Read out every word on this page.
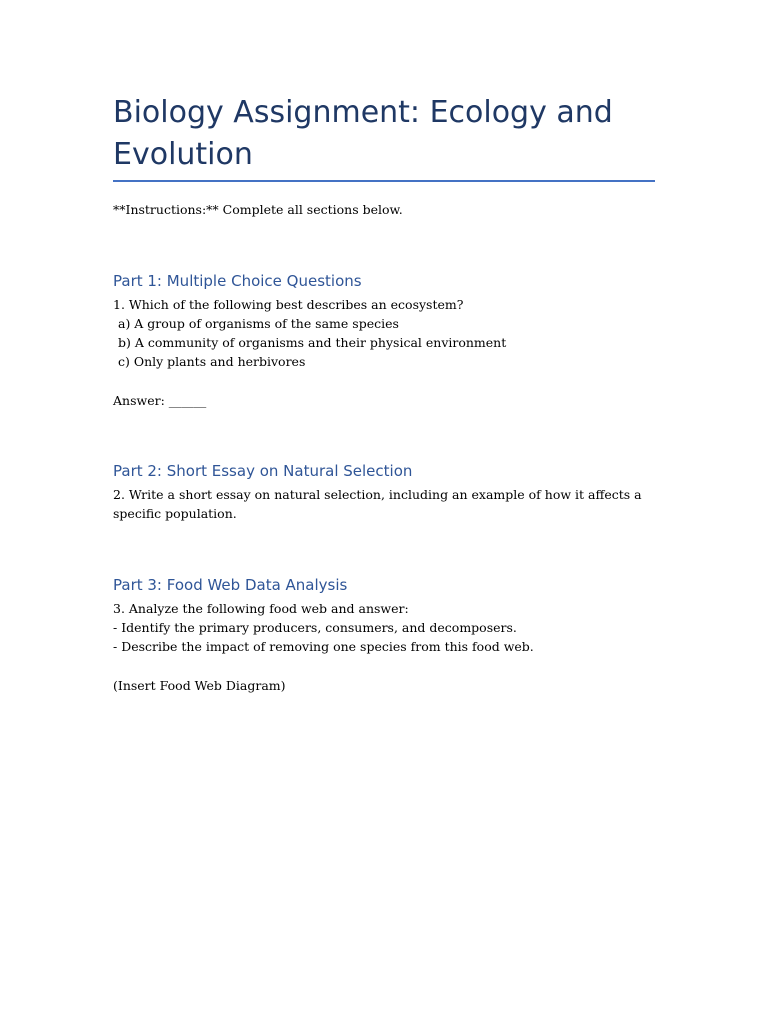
Biology Assignment: Ecology and Evolution

**Instructions:** Complete all sections below.

Part 1: Multiple Choice Questions

1. Which of the following best describes an ecosystem?

a) A group of organisms of the same species

b) A community of organisms and their physical environment

c) Only plants and herbivores

Answer: ______

Part 2: Short Essay on Natural Selection

2. Write a short essay on natural selection, including an example of how it affects a specific population.

Part 3: Food Web Data Analysis

3. Analyze the following food web and answer:

- Identify the primary producers, consumers, and decomposers.

- Describe the impact of removing one species from this food web.

(Insert Food Web Diagram)
